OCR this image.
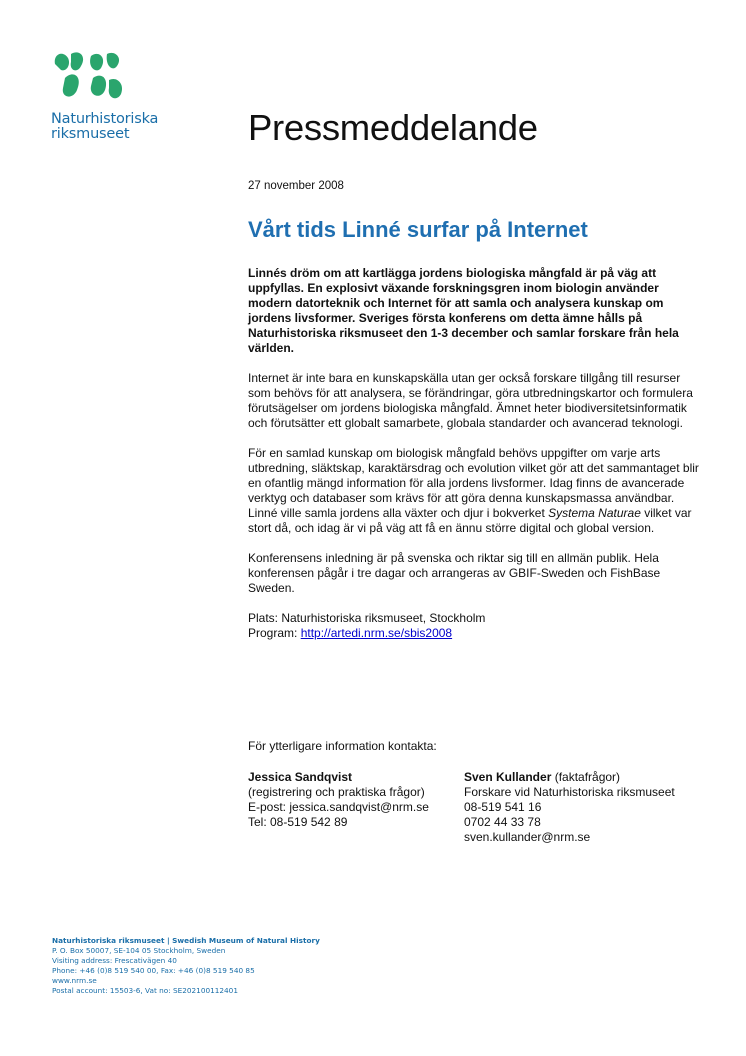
Naturhistoriska
riksmuseet	Pressmeddelande
27 november 2008
Vårt tids Linné surfar på Internet

Linnés dröm om att kartlägga jordens biologiska mångfald är på väg att uppfyllas. En explosivt växande forskningsgren inom biologin använder modern datorteknik och Internet för att samla och analysera kunskap om jordens livsformer. Sveriges första konferens om detta ämne hålls på Naturhistoriska riksmuseet den 1-3 december och samlar forskare från hela världen.

Internet är inte bara en kunskapskälla utan ger också forskare tillgång till resurser som behövs för att analysera, se förändringar, göra utbredningskartor och formulera förutsägelser om jordens biologiska mångfald. Ämnet heter biodiversitetsinformatik och förutsätter ett globalt samarbete, globala standarder och avancerad teknologi.

För en samlad kunskap om biologisk mångfald behövs uppgifter om varje arts utbredning, släktskap, karaktärsdrag och evolution vilket gör att det sammantaget blir en ofantlig mängd information för alla jordens livsformer. Idag finns de avancerade verktyg och databaser som krävs för att göra denna kunskapsmassa användbar. Linné ville samla jordens alla växter och djur i bokverket Systema Naturae vilket var stort då, och idag är vi på väg att få en ännu större digital och global version.

Konferensens inledning är på svenska och riktar sig till en allmän publik. Hela konferensen pågår i tre dagar och arrangeras av GBIF-Sweden och FishBase Sweden.

Plats: Naturhistoriska riksmuseet, Stockholm
Program: http://artedi.nrm.se/sbis2008

För ytterligare information kontakta:
Jessica Sandqvist
(registrering och praktiska frågor)
E-post: jessica.sandqvist@nrm.se
Tel: 08-519 542 89
Sven Kullander (faktafrågor)
Forskare vid Naturhistoriska riksmuseet
08-519 541 16
0702 44 33 78
sven.kullander@nrm.se
Naturhistoriska riksmuseet | Swedish Museum of Natural History
P. O. Box 50007, SE-104 05 Stockholm, Sweden
Visiting address: Frescativägen 40
Phone: +46 (0)8 519 540 00, Fax: +46 (0)8 519 540 85
www.nrm.se
Postal account: 15503-6, Vat no: SE202100112401
